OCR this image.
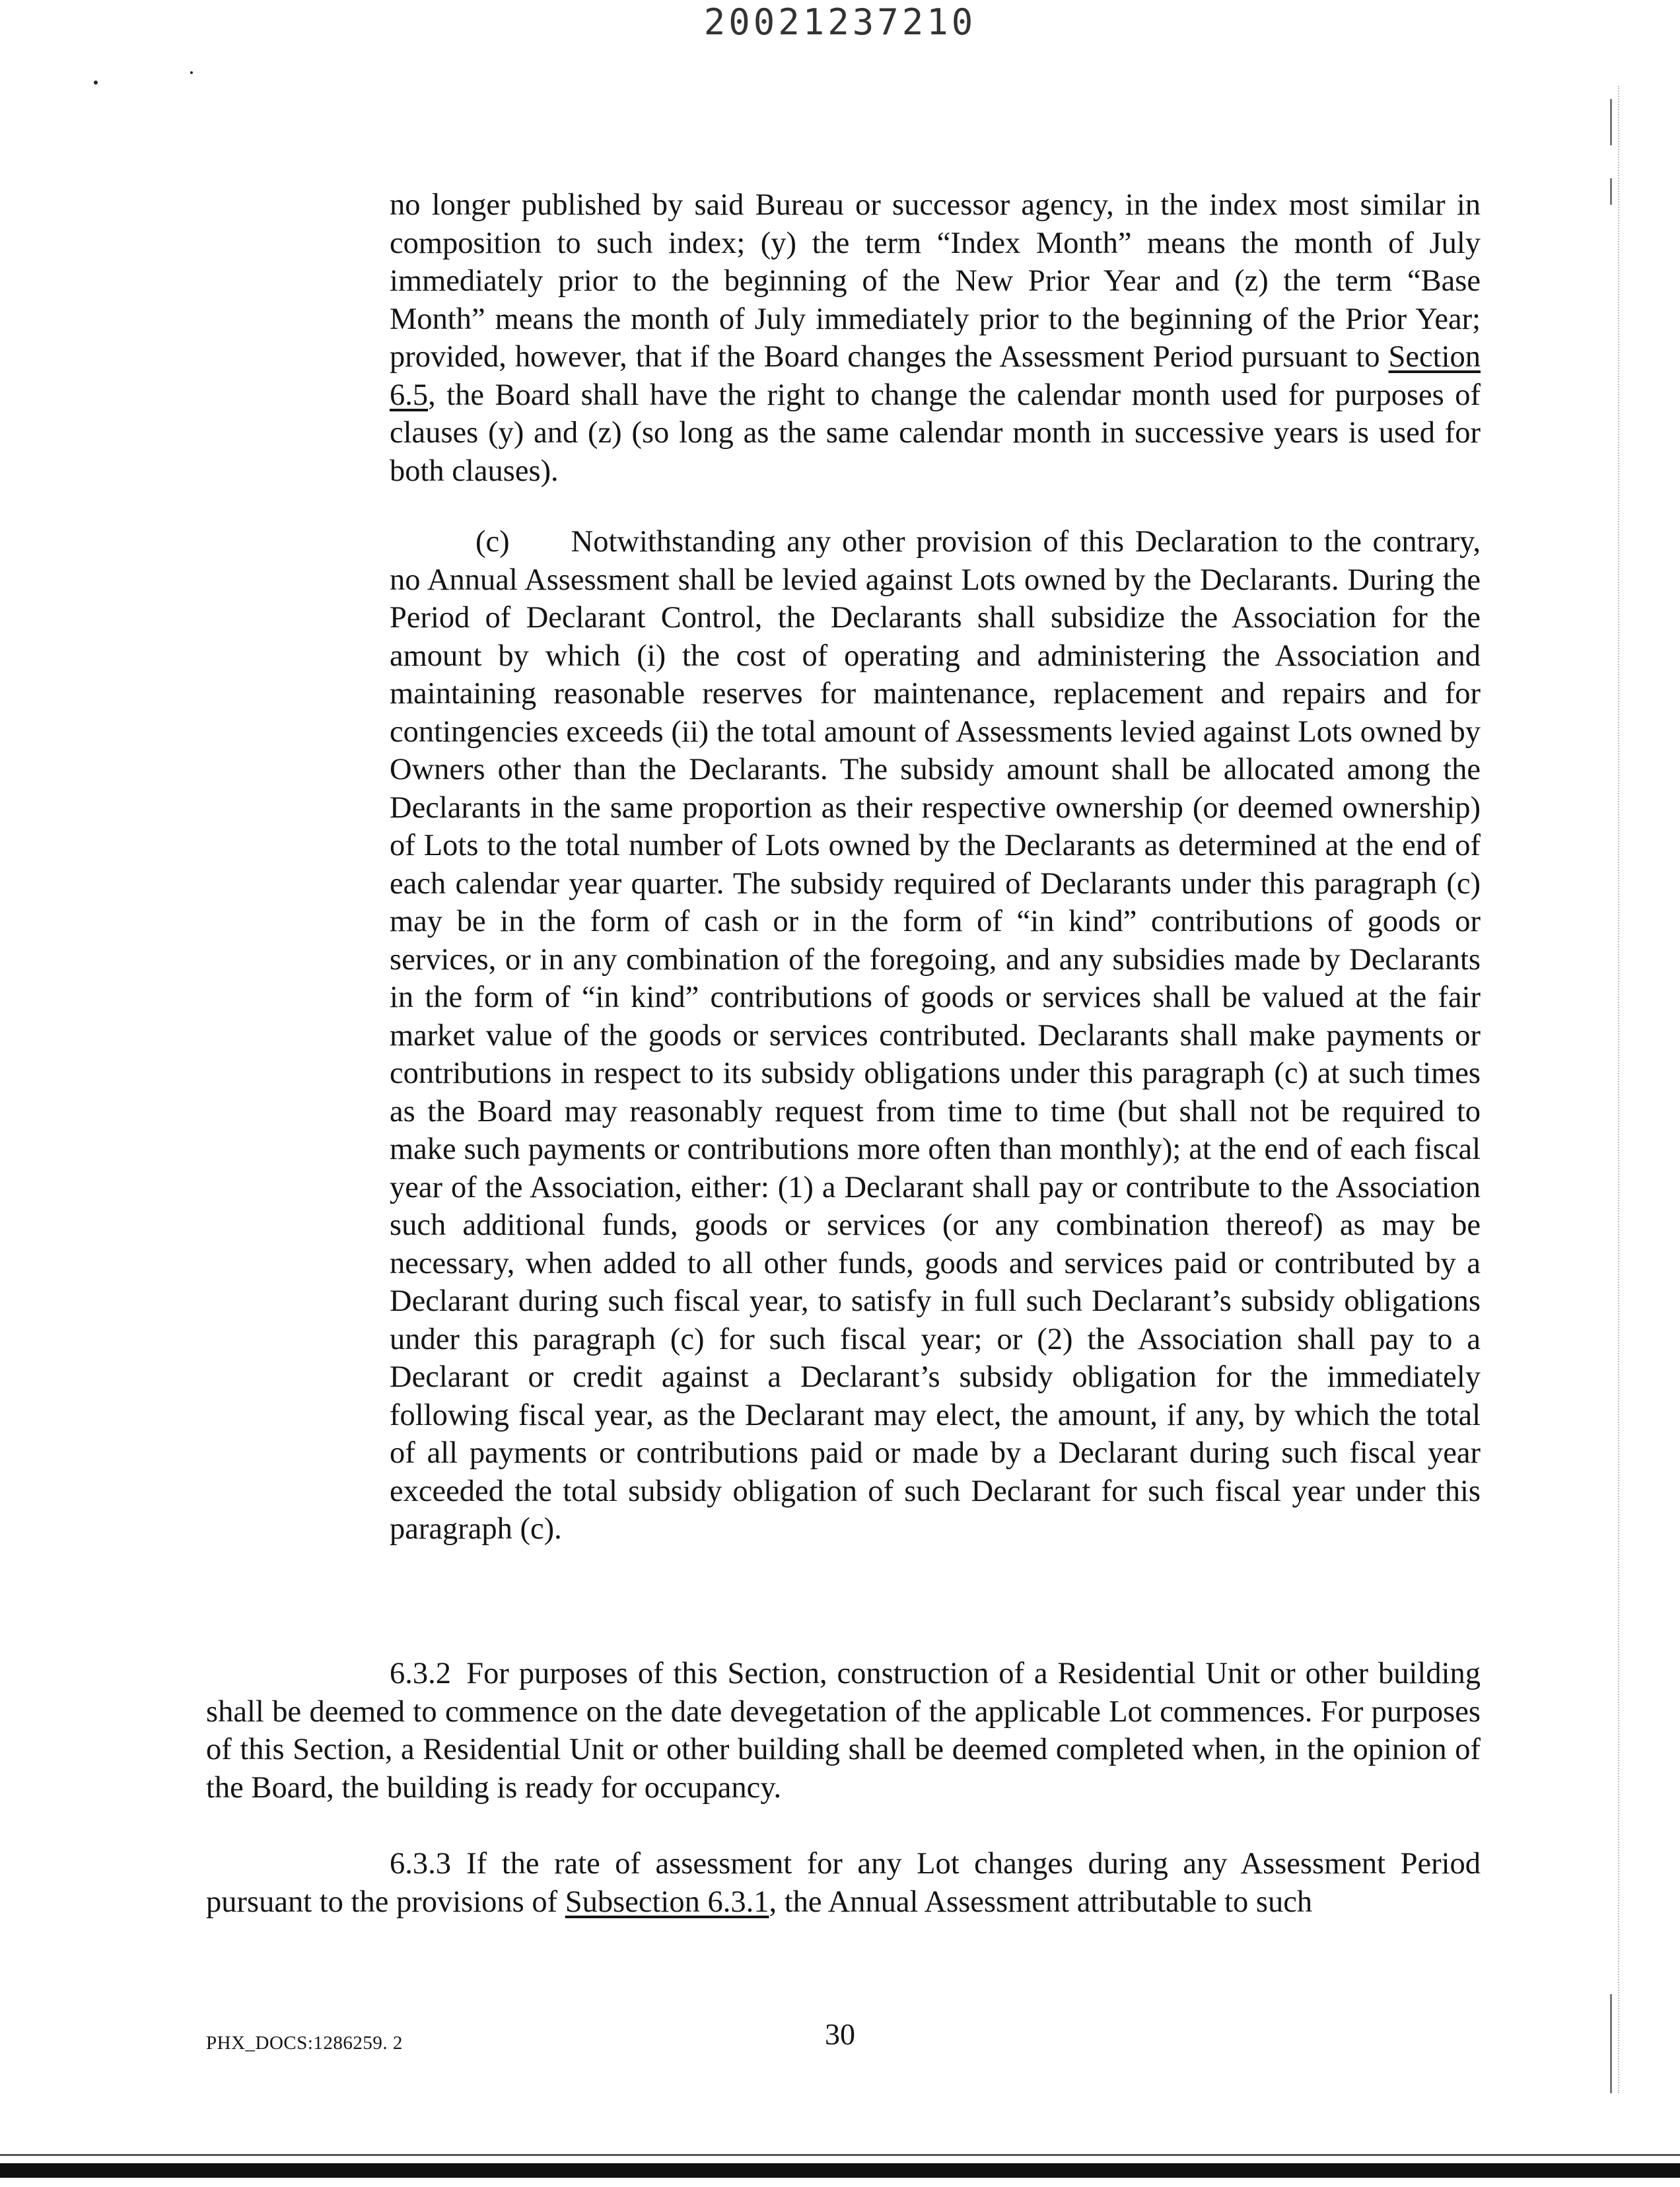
20021237210

no longer published by said Bureau or successor agency, in the index most similar in composition to such index; (y) the term “Index Month” means the month of July immediately prior to the beginning of the New Prior Year and (z) the term “Base Month” means the month of July immediately prior to the beginning of the Prior Year; provided, however, that if the Board changes the Assessment Period pursuant to Section 6.5, the Board shall have the right to change the calendar month used for purposes of clauses (y) and (z) (so long as the same calendar month in successive years is used for both clauses).

(c)  Notwithstanding any other provision of this Declaration to the contrary, no Annual Assessment shall be levied against Lots owned by the Declarants. During the Period of Declarant Control, the Declarants shall subsidize the Association for the amount by which (i) the cost of operating and administering the Association and maintaining reasonable reserves for maintenance, replacement and repairs and for contingencies exceeds (ii) the total amount of Assessments levied against Lots owned by Owners other than the Declarants. The subsidy amount shall be allocated among the Declarants in the same proportion as their respective ownership (or deemed ownership) of Lots to the total number of Lots owned by the Declarants as determined at the end of each calendar year quarter. The subsidy required of Declarants under this paragraph (c) may be in the form of cash or in the form of “in kind” contributions of goods or services, or in any combination of the foregoing, and any subsidies made by Declarants in the form of “in kind” contributions of goods or services shall be valued at the fair market value of the goods or services contributed. Declarants shall make payments or contributions in respect to its subsidy obligations under this paragraph (c) at such times as the Board may reasonably request from time to time (but shall not be required to make such payments or contributions more often than monthly); at the end of each fiscal year of the Association, either: (1) a Declarant shall pay or contribute to the Association such additional funds, goods or services (or any combination thereof) as may be necessary, when added to all other funds, goods and services paid or contributed by a Declarant during such fiscal year, to satisfy in full such Declarant’s subsidy obligations under this paragraph (c) for such fiscal year; or (2) the Association shall pay to a Declarant or credit against a Declarant’s subsidy obligation for the immediately following fiscal year, as the Declarant may elect, the amount, if any, by which the total of all payments or contributions paid or made by a Declarant during such fiscal year exceeded the total subsidy obligation of such Declarant for such fiscal year under this paragraph (c).

6.3.2 For purposes of this Section, construction of a Residential Unit or other building shall be deemed to commence on the date devegetation of the applicable Lot commences. For purposes of this Section, a Residential Unit or other building shall be deemed completed when, in the opinion of the Board, the building is ready for occupancy.

6.3.3 If the rate of assessment for any Lot changes during any Assessment Period pursuant to the provisions of Subsection 6.3.1, the Annual Assessment attributable to such

PHX_DOCS:1286259. 2	30
